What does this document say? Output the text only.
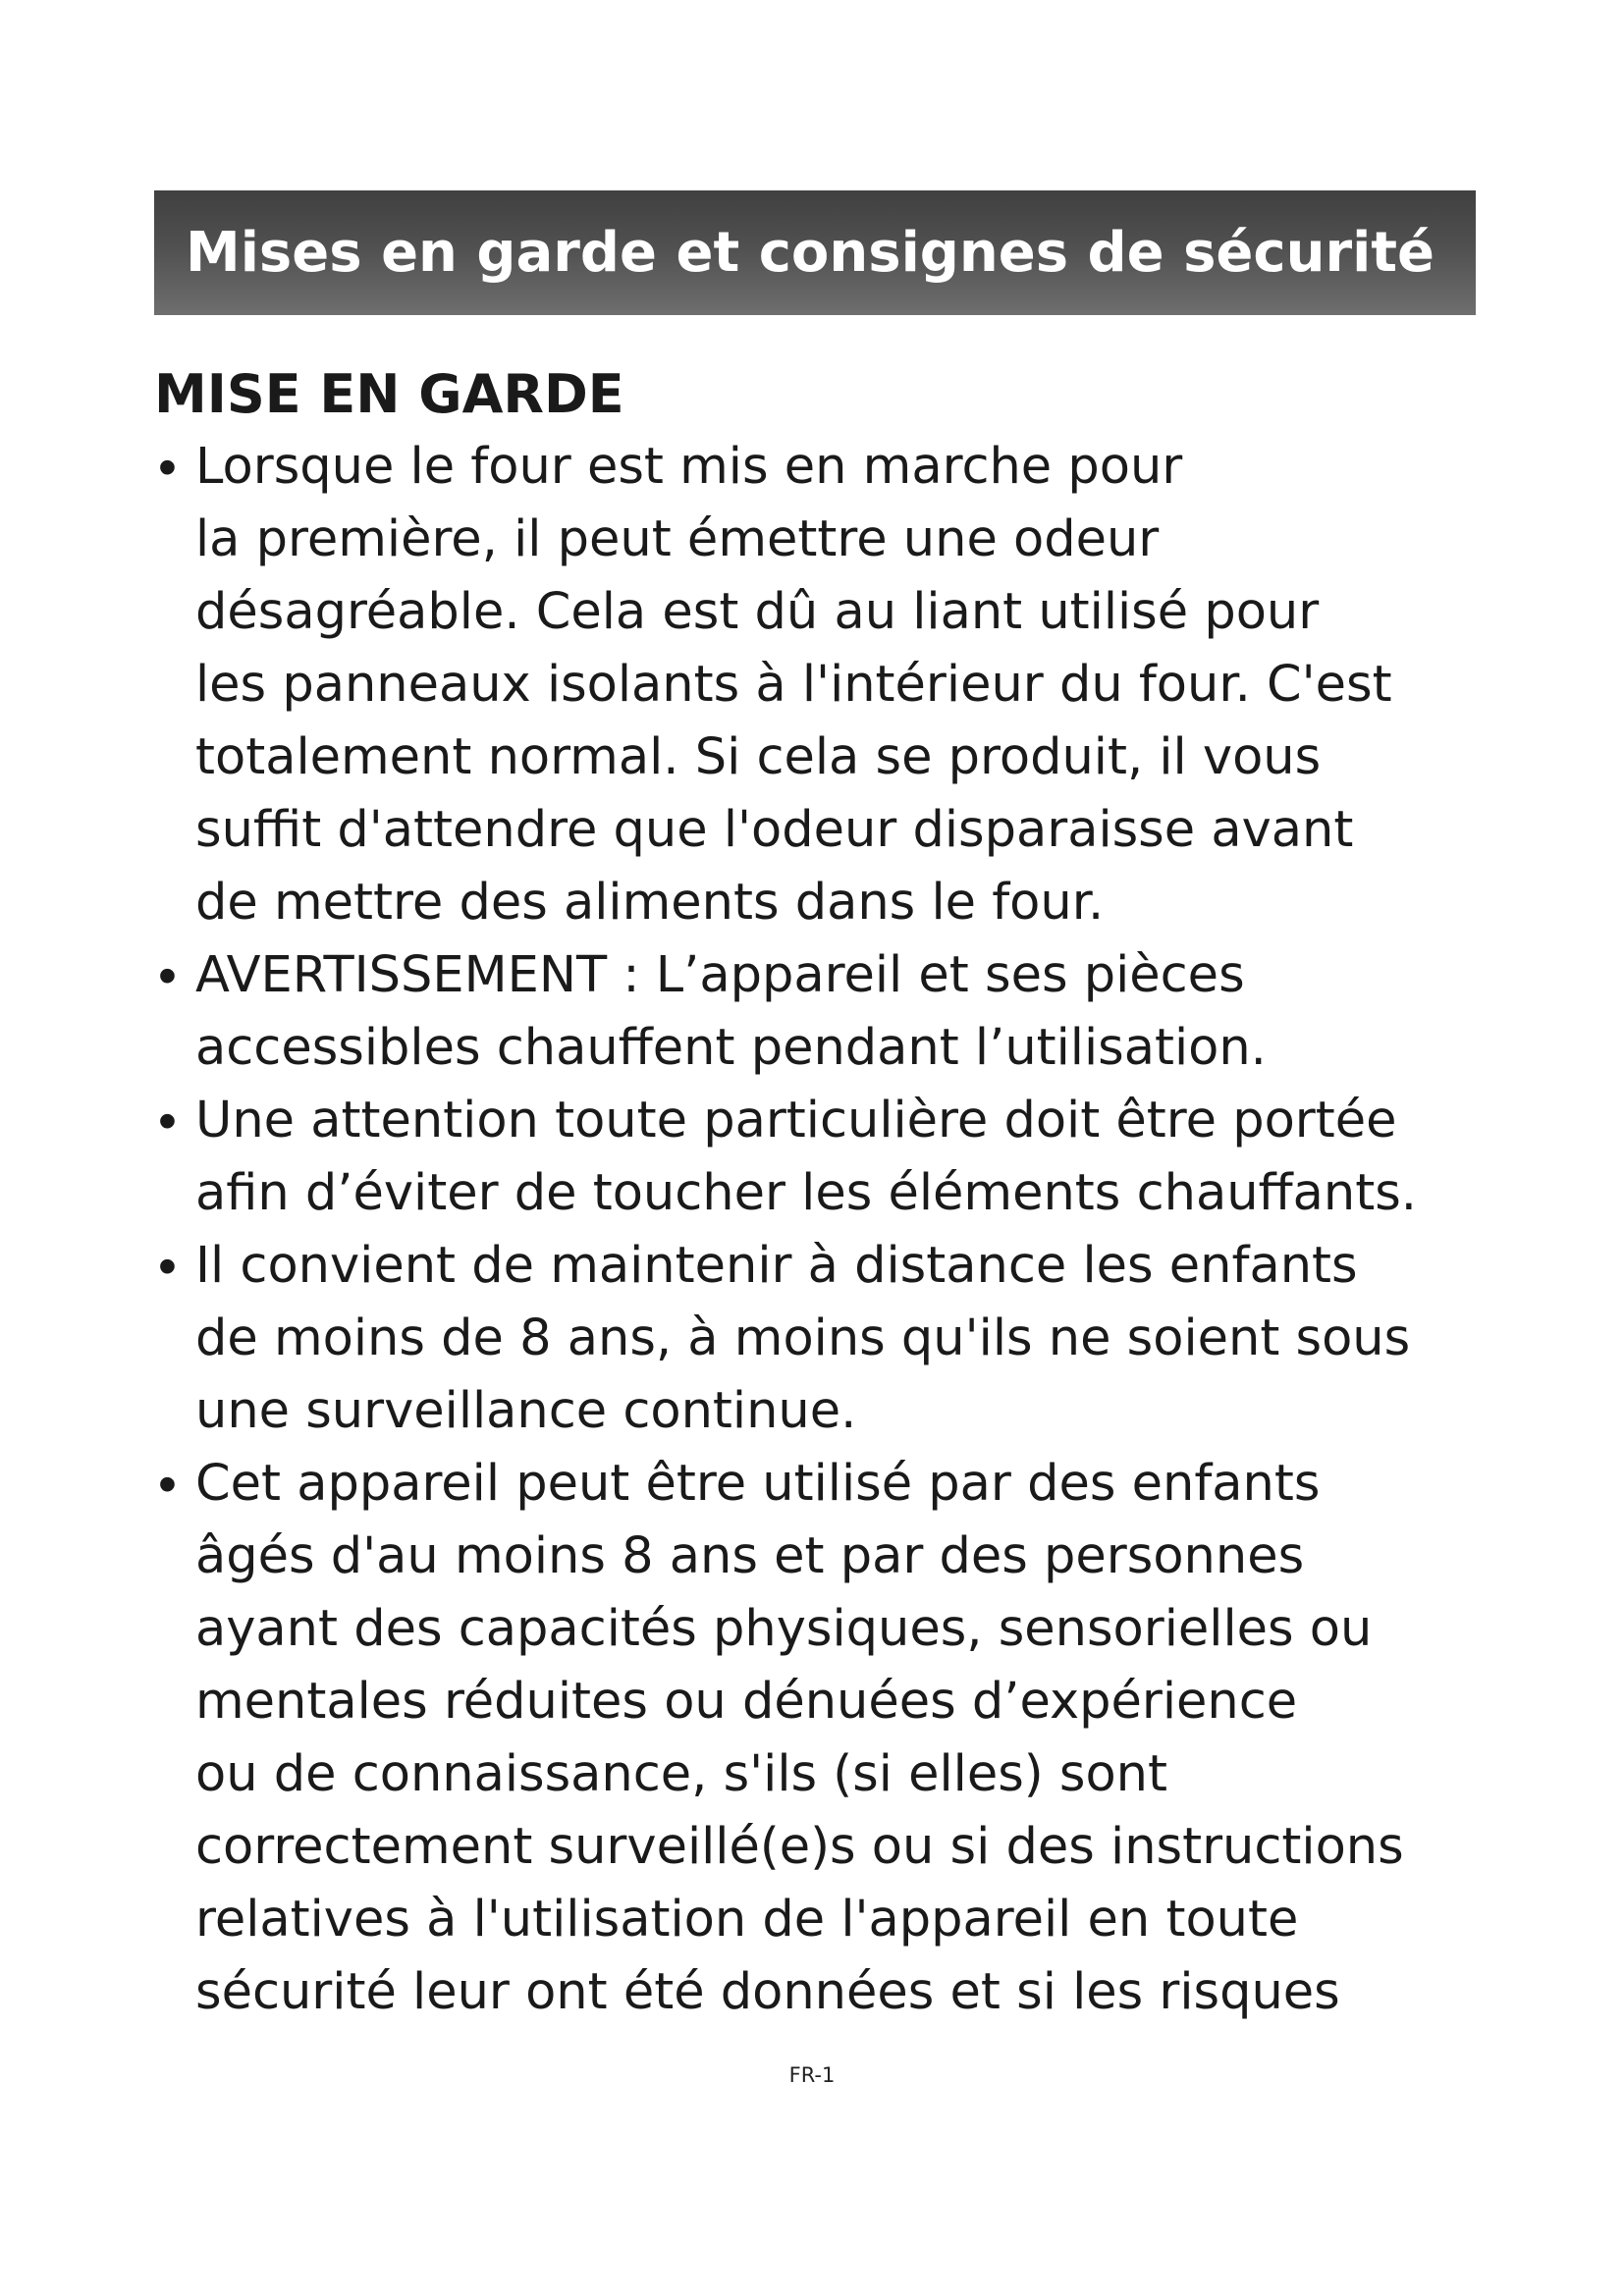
Mises en garde et consignes de sécurité
MISE EN GARDE
• Lorsque le four est mis en marche pour
la première, il peut émettre une odeur
désagréable. Cela est dû au liant utilisé pour
les panneaux isolants à l'intérieur du four. C'est
totalement normal. Si cela se produit, il vous
suffit d'attendre que l'odeur disparaisse avant
de mettre des aliments dans le four.
• AVERTISSEMENT : L’appareil et ses pièces
accessibles chauffent pendant l’utilisation.
• Une attention toute particulière doit être portée
afin d’éviter de toucher les éléments chauffants.
• Il convient de maintenir à distance les enfants
de moins de 8 ans, à moins qu'ils ne soient sous
une surveillance continue.
• Cet appareil peut être utilisé par des enfants
âgés d'au moins 8 ans et par des personnes
ayant des capacités physiques, sensorielles ou
mentales réduites ou dénuées d’expérience
ou de connaissance, s'ils (si elles) sont
correctement surveillé(e)s ou si des instructions
relatives à l'utilisation de l'appareil en toute
sécurité leur ont été données et si les risques
FR-1
